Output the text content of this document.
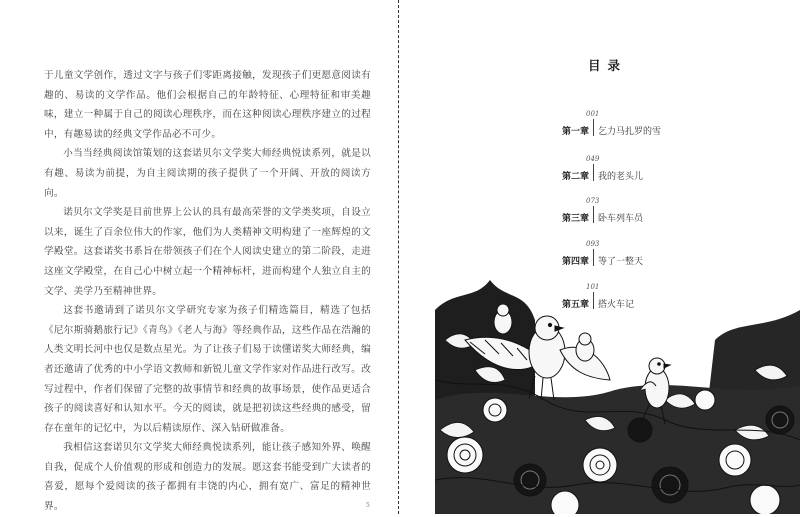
于儿童文学创作，透过文字与孩子们零距离接触，发现孩子们更愿意阅读有趣的、易读的文学作品。他们会根据自己的年龄特征、心理特征和审美趣味，建立一种属于自己的阅读心理秩序，而在这种阅读心理秩序建立的过程中，有趣易读的经典文学作品必不可少。

小当当经典阅读馆策划的这套诺贝尔文学奖大师经典悦读系列，就是以有趣、易读为前提，为自主阅读期的孩子提供了一个开阔、开放的阅读方向。

诺贝尔文学奖是目前世界上公认的具有最高荣誉的文学类奖项，自设立以来，诞生了百余位伟大的作家，他们为人类精神文明构建了一座辉煌的文学殿堂。这套诺奖书系旨在带领孩子们在个人阅读史建立的第二阶段，走进这座文学殿堂，在自己心中树立起一个精神标杆，进而构建个人独立自主的文学、美学乃至精神世界。

这套书邀请到了诺贝尔文学研究专家为孩子们精选篇目，精选了包括《尼尔斯骑鹅旅行记》《青鸟》《老人与海》等经典作品，这些作品在浩瀚的人类文明长河中也仅是数点星光。为了让孩子们易于读懂诺奖大师经典，编者还邀请了优秀的中小学语文教师和新锐儿童文学作家对作品进行改写。改写过程中，作者们保留了完整的故事情节和经典的故事场景，使作品更适合孩子的阅读喜好和认知水平。今天的阅读，就是把初读这些经典的感受，留存在童年的记忆中，为以后精读原作、深入钻研做准备。

我相信这套诺贝尔文学奖大师经典悦读系列，能让孩子感知外界、唤醒自我，促成个人价值观的形成和创造力的发展。愿这套书能受到广大读者的喜爱，愿每个爱阅读的孩子都拥有丰饶的内心，拥有宽广、富足的精神世界。	5
目录
001
第一章 乞力马扎罗的雪
049
第二章 我的老头儿
073
第三章 卧车列车员
093
第四章 等了一整天
101
第五章 搭火车记
